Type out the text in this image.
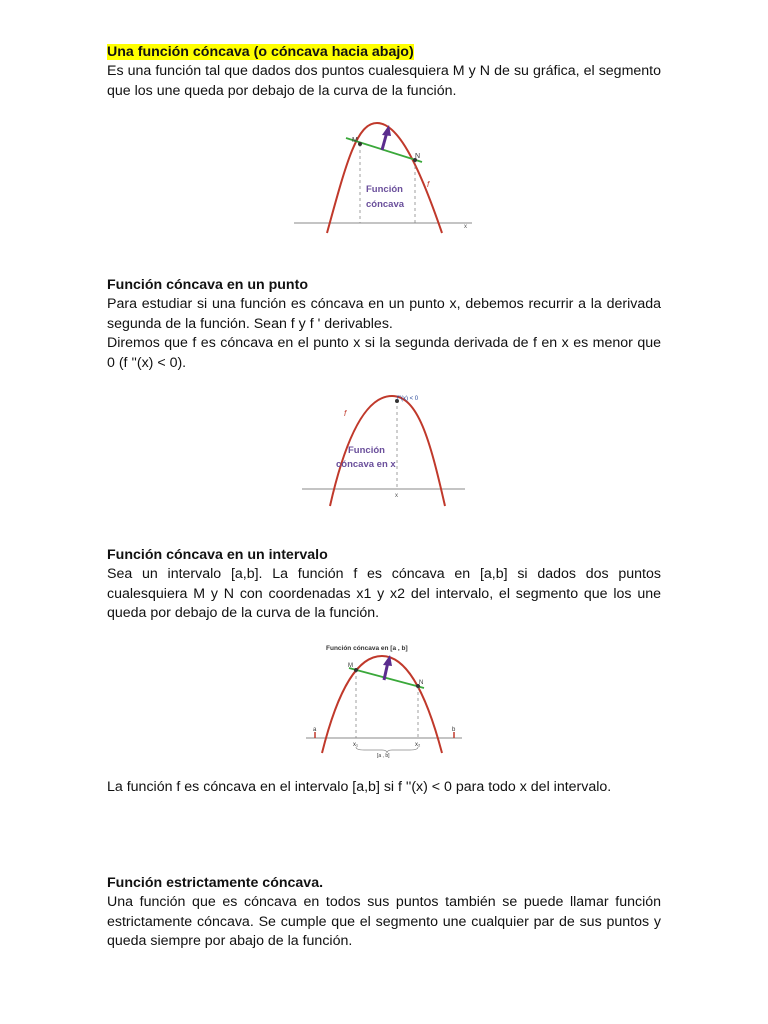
Una función cóncava (o cóncava hacia abajo)

Es una función tal que dados dos puntos cualesquiera M y N de su gráfica, el segmento que los une queda por debajo de la curva de la función.

M
N
f
x
Función
cóncava

Función cóncava en un punto

Para estudiar si una función es cóncava en un punto x, debemos recurrir a la derivada segunda de la función. Sean f y f ' derivables.

Diremos que f es cóncava en el punto x si la segunda derivada de f en x es menor que 0 (f ''(x) < 0).

f
f''(x) < 0
x
Función
cóncava en x

Función cóncava en un intervalo

Sea un intervalo [a,b]. La función f es cóncava en [a,b] si dados dos puntos cualesquiera M y N con coordenadas x1 y x2 del intervalo, el segmento que los une queda por debajo de la curva de la función.

Función cóncava en [a , b]
M
N
a	b
x₁	x₂
[a , b]

La función f es cóncava en el intervalo [a,b] si f ''(x) < 0 para todo x del intervalo.

Función estrictamente cóncava.

Una función que es cóncava en todos sus puntos también se puede llamar función estrictamente cóncava. Se cumple que el segmento une cualquier par de sus puntos y queda siempre por abajo de la función.
